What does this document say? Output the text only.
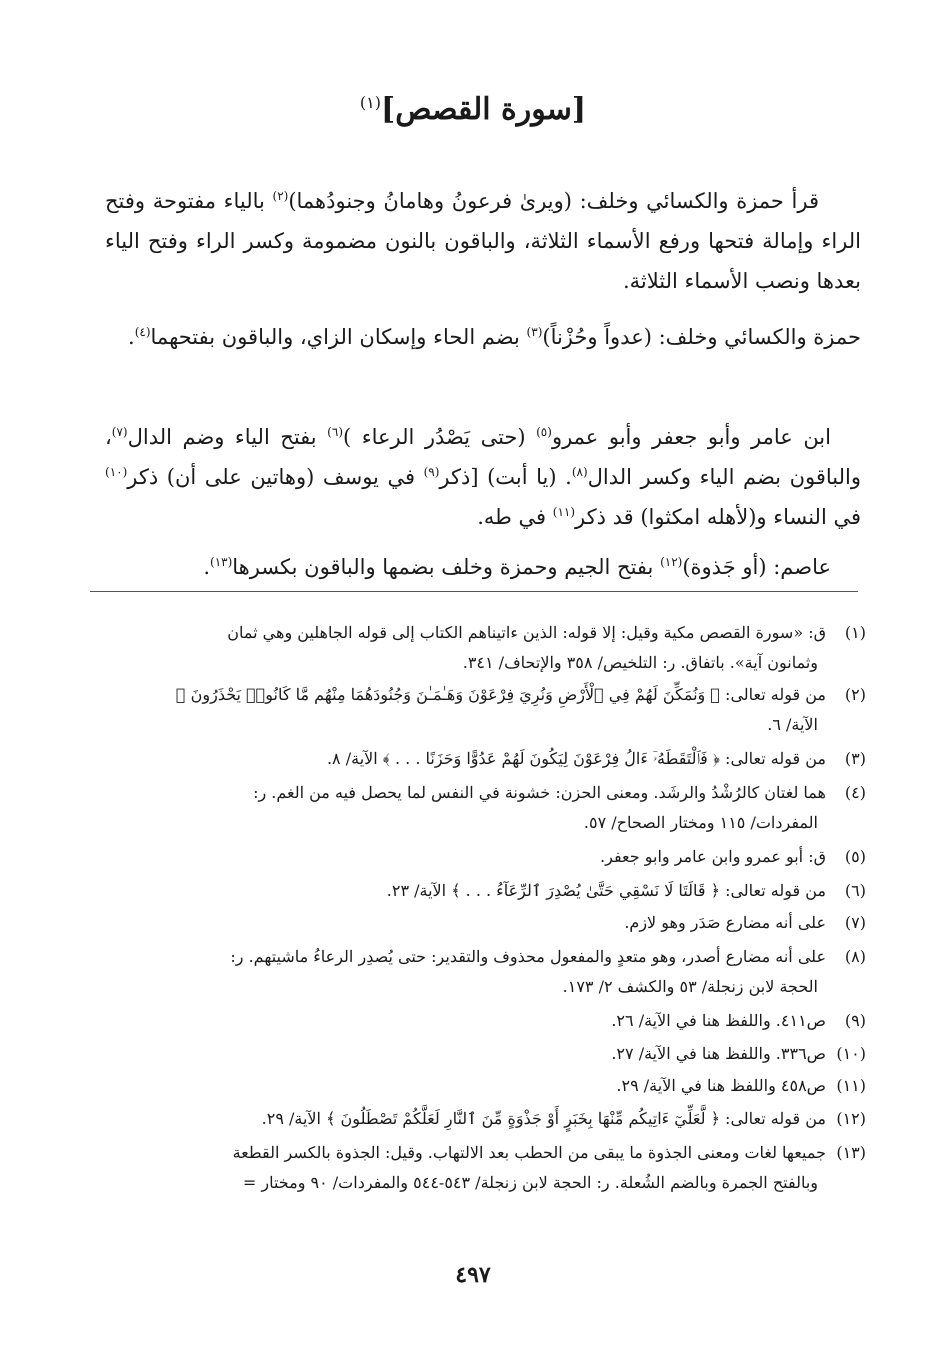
[سورة القصص]$^{(١)}$

قرأ حمزة والكسائي وخلف: (ويرىٰ فرعونُ وهامانُ وجنودُهما)$^{(٢)}$ بالياء مفتوحة وفتح الراء وإمالة فتحها ورفع الأسماء الثلاثة، والباقون بالنون مضمومة وكسر الراء وفتح الياء بعدها ونصب الأسماء الثلاثة.

حمزة والكسائي وخلف: (عدواً وحُزْناً)$^{(٣)}$ بضم الحاء وإسكان الزاي، والباقون بفتحهما$^{(٤)}$.

ابن عامر وأبو جعفر وأبو عمرو$^{(٥)}$ (حتى يَصْدُر الرعاء )$^{(٦)}$ بفتح الياء وضم الدال$^{(٧)}$، والباقون بضم الياء وكسر الدال$^{(٨)}$. (يا أبت) [ذكر$^{(٩)}$ في يوسف (وهاتين على أن) ذكر$^{(١٠)}$ في النساء و(لأهله امكثوا) قد ذكر$^{(١١)}$ في طه.

عاصم: (أو جَذوة)$^{(١٢)}$ بفتح الجيم وحمزة وخلف بضمها والباقون بكسرها$^{(١٣)}$.

(١)ق: «سورة القصص مكية وقيل: إلا قوله: الذين ءاتيناهم الكتاب إلى قوله الجاهلين وهي ثمان
وثمانون آية». باتفاق. ر: التلخيص/ ٣٥٨ والإتحاف/ ٣٤١.
(٢)من قوله تعالى: ﴿ وَنُمَكِّنَ لَهُمْ فِي ٱلْأَرْضِ وَنُرِيَ فِرْعَوْنَ وَهَـٰمَـٰنَ وَجُنُودَهُمَا مِنْهُم مَّا كَانُوا۟ يَحْذَرُونَ ﴾
الآية/ ٦.
(٣)من قوله تعالى: ﴿ فَٱلْتَقَطَهُۥٓ ءَالُ فِرْعَوْنَ لِيَكُونَ لَهُمْ عَدُوًّا وَحَزَنًا . . . ﴾ الآية/ ٨.
(٤)هما لغتان كالرُشْدُ والرشَد. ومعنى الحزن: خشونة في النفس لما يحصل فيه من الغم. ر:
المفردات/ ١١٥ ومختار الصحاح/ ٥٧.
(٥)ق: أبو عمرو وابن عامر وابو جعفر.
(٦)من قوله تعالى: ﴿ قَالَتَا لَا نَسْقِي حَتَّىٰ يُصْدِرَ ٱلرِّعَآءُ . . . ﴾ الآية/ ٢٣.
(٧)على أنه مضارع صَدَر وهو لازم.
(٨)على أنه مضارع أصدر، وهو متعدٍ والمفعول محذوف والتقدير: حتى يُصدِر الرعاءُ ماشيتهم. ر:
الحجة لابن زنجلة/ ٥٣ والكشف ٢/ ١٧٣.
(٩)ص٤١١. واللفظ هنا في الآية/ ٢٦.
(١٠)ص٣٣٦. واللفظ هنا في الآية/ ٢٧.
(١١)ص٤٥٨ واللفظ هنا في الآية/ ٢٩.
(١٢)من قوله تعالى: ﴿ لَّعَلِّيٓ ءَاتِيكُم مِّنْهَا بِخَبَرٍ أَوْ جَذْوَةٍ مِّنَ ٱلنَّارِ لَعَلَّكُمْ تَصْطَلُونَ ﴾ الآية/ ٢٩.
(١٣)جميعها لغات ومعنى الجذوة ما يبقى من الحطب بعد الالتهاب. وقيل: الجذوة بالكسر القطعة
وبالفتح الجمرة وبالضم الشُعلة. ر: الحجة لابن زنجلة/ ٥٤٣-٥٤٤ والمفردات/ ٩٠ ومختار =
٤٩٧
